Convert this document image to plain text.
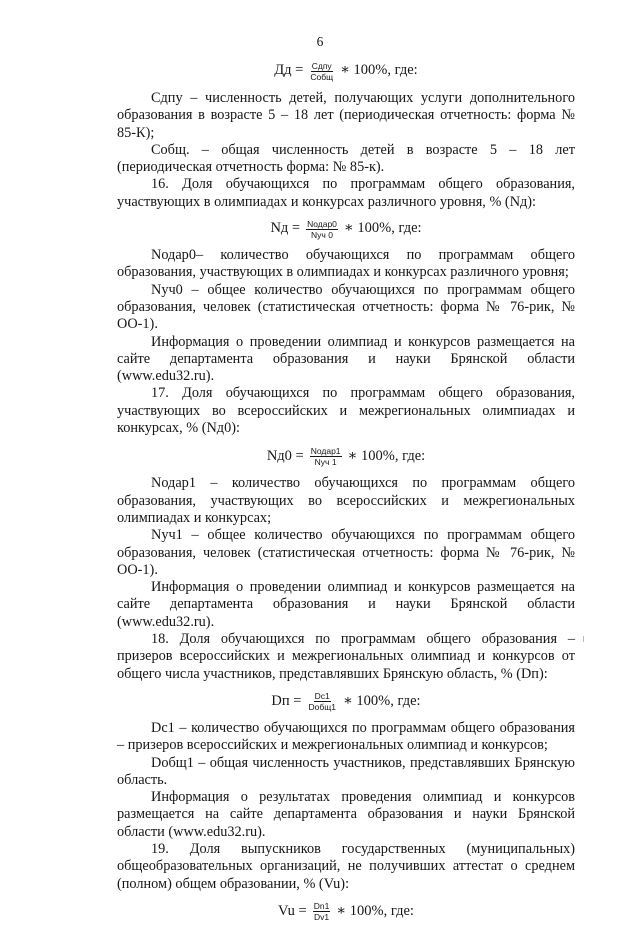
6
Дд = $\frac{\text{Сдпу}}{\text{Собщ}}$ ∗ 100%, где:

Сдпу – численность детей, получающих услуги дополнительного образования в возрасте 5 – 18 лет (периодическая отчетность: форма № 85-К);

Собщ. – общая численность детей в возрасте 5 – 18 лет (периодическая отчетность форма: № 85-к).

16. Доля обучающихся по программам общего образования, участвующих в олимпиадах и конкурсах различного уровня, % (Nд):

Nд = $\frac{\text{Nодар0}}{\text{Nуч 0}}$ ∗ 100%, где:

Nодар0– количество обучающихся по программам общего образования, участвующих в олимпиадах и конкурсах различного уровня;

Nуч0 – общее количество обучающихся по программам общего образования, человек (статистическая отчетность: форма № 76-рик, № ОО-1).

Информация о проведении олимпиад и конкурсов размещается на сайте департамента образования и науки Брянской области (www.edu32.ru).

17. Доля обучающихся по программам общего образования, участвующих во всероссийских и межрегиональных олимпиадах и конкурсах, % (Nд0):

$Nд0 = \frac{\text{Nодар1}}{\text{Nуч 1}}$ ∗ 100%, где:

Nодар1 – количество обучающихся по программам общего образования, участвующих во всероссийских и межрегиональных олимпиадах и конкурсах;

Nуч1 – общее количество обучающихся по программам общего образования, человек (статистическая отчетность: форма № 76-рик, № ОО-1).

Информация о проведении олимпиад и конкурсов размещается на сайте департамента образования и науки Брянской области (www.edu32.ru).

18. Доля обучающихся по программам общего образования – призеров всероссийских и межрегиональных олимпиад и конкурсов от общего числа участников, представлявших Брянскую область, % (Dп):

Dп = $\frac{Dс1}{\text{Dобщ1}}$ ∗ 100%, где:

Dс1 – количество обучающихся по программам общего образования – призеров всероссийских и межрегиональных олимпиад и конкурсов;

Dобщ1 – общая численность участников, представлявших Брянскую область.

Информация о результатах проведения олимпиад и конкурсов размещается на сайте департамента образования и науки Брянской области (www.edu32.ru).

19. Доля выпускников государственных (муниципальных) общеобразовательных организаций, не получивших аттестат о среднем (полном) общем образовании, % (Vu):

$Vu = \frac{Dn1}{Dv1}$ ∗ 100%, где:
